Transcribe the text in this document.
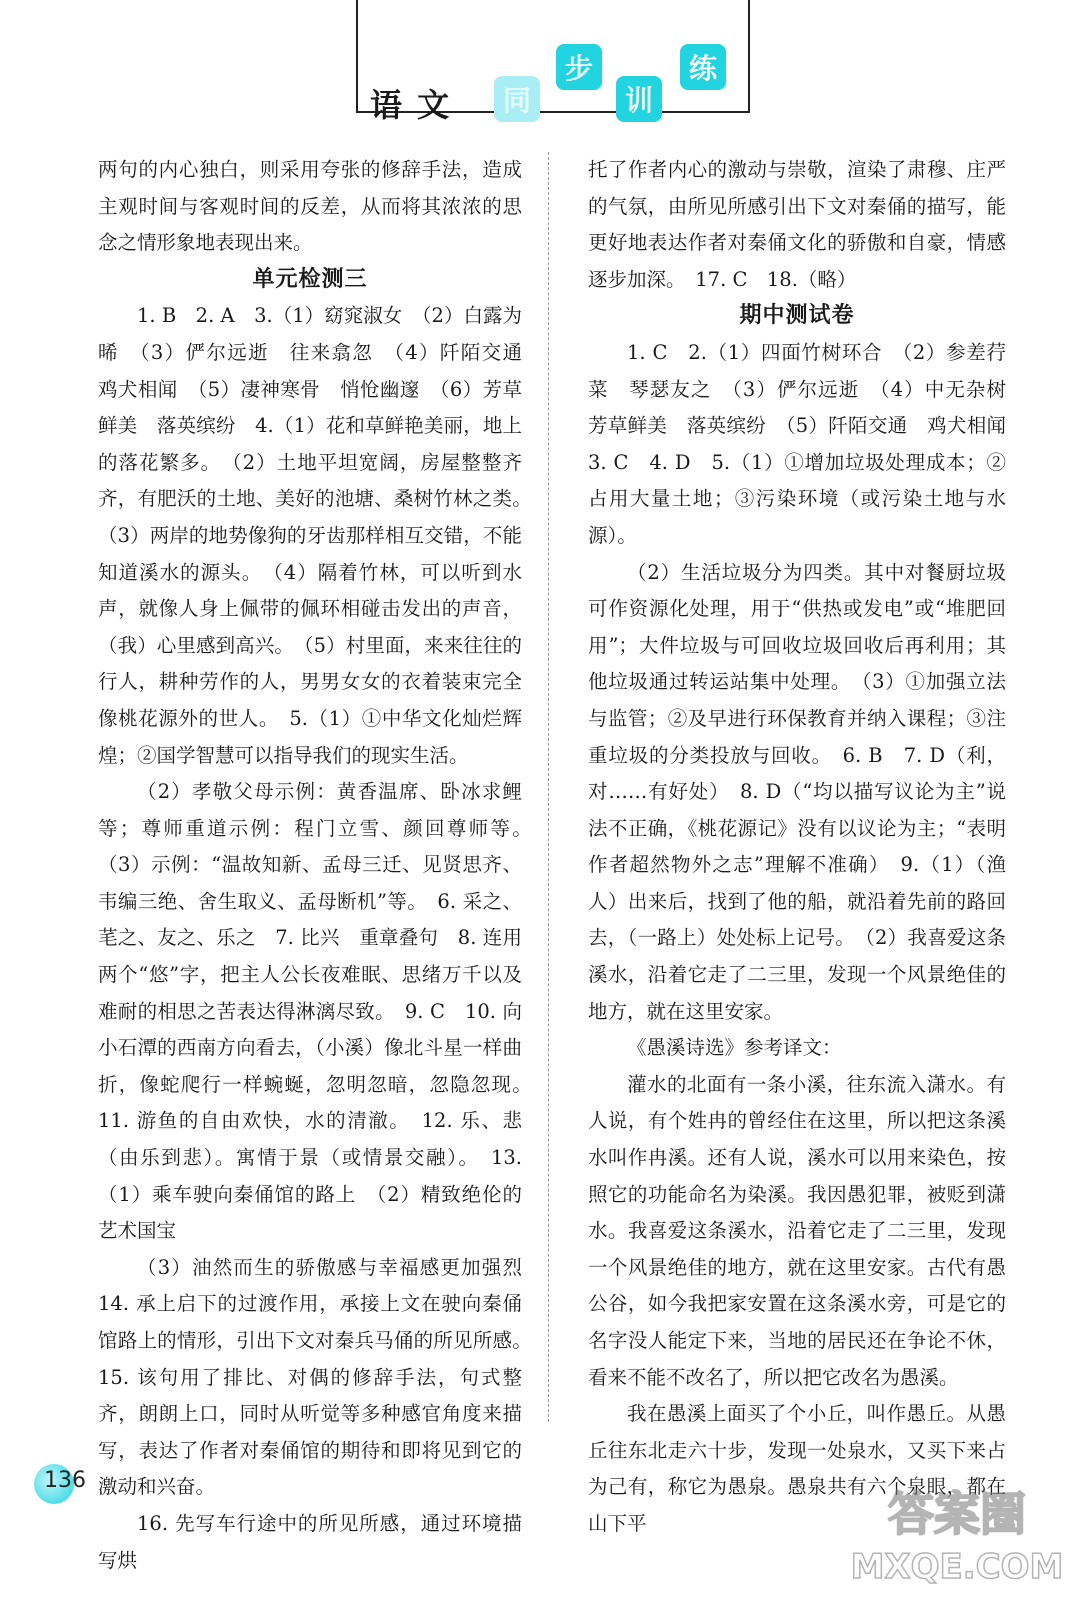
语 文	同
步
训
练

两句的内心独白，则采用夸张的修辞手法，造成主观时间与客观时间的反差，从而将其浓浓的思念之情形象地表现出来。

单元检测三

1. B　2. A　3.（1）窈窕淑女　（2）白露为晞　（3）俨尔远逝　往来翕忽　（4）阡陌交通　鸡犬相闻　（5）凄神寒骨　悄怆幽邃　（6）芳草鲜美　落英缤纷　4.（1）花和草鲜艳美丽，地上的落花繁多。　（2）土地平坦宽阔，房屋整整齐齐，有肥沃的土地、美好的池塘、桑树竹林之类。　（3）两岸的地势像狗的牙齿那样相互交错，不能知道溪水的源头。　（4）隔着竹林，可以听到水声，就像人身上佩带的佩环相碰击发出的声音，（我）心里感到高兴。　（5）村里面，来来往往的行人，耕种劳作的人，男男女女的衣着装束完全像桃花源外的世人。　5.（1）①中华文化灿烂辉煌；②国学智慧可以指导我们的现实生活。

（2）孝敬父母示例：黄香温席、卧冰求鲤等；尊师重道示例：程门立雪、颜回尊师等。　（3）示例：“温故知新、孟母三迁、见贤思齐、韦编三绝、舍生取义、孟母断机”等。　6. 采之、芼之、友之、乐之　7. 比兴　重章叠句　8. 连用两个“悠”字，把主人公长夜难眠、思绪万千以及难耐的相思之苦表达得淋漓尽致。　9. C　10. 向小石潭的西南方向看去，（小溪）像北斗星一样曲折，像蛇爬行一样蜿蜒，忽明忽暗，忽隐忽现。　11. 游鱼的自由欢快，水的清澈。　12. 乐、悲（由乐到悲）。寓情于景（或情景交融）。　13.（1）乘车驶向秦俑馆的路上　（2）精致绝伦的艺术国宝

（3）油然而生的骄傲感与幸福感更加强烈　14. 承上启下的过渡作用，承接上文在驶向秦俑馆路上的情形，引出下文对秦兵马俑的所见所感。　15. 该句用了排比、对偶的修辞手法，句式整齐，朗朗上口，同时从听觉等多种感官角度来描写，表达了作者对秦俑馆的期待和即将见到它的激动和兴奋。

16. 先写车行途中的所见所感，通过环境描写烘

托了作者内心的激动与崇敬，渲染了肃穆、庄严的气氛，由所见所感引出下文对秦俑的描写，能更好地表达作者对秦俑文化的骄傲和自豪，情感逐步加深。　17. C　18.（略）

期中测试卷

1. C　2.（1）四面竹树环合　（2）参差荇菜　琴瑟友之　（3）俨尔远逝　（4）中无杂树　芳草鲜美　落英缤纷　（5）阡陌交通　鸡犬相闻　3. C　4. D　5.（1）①增加垃圾处理成本；②占用大量土地；③污染环境（或污染土地与水源）。

（2）生活垃圾分为四类。其中对餐厨垃圾可作资源化处理，用于“供热或发电”或“堆肥回用”；大件垃圾与可回收垃圾回收后再利用；其他垃圾通过转运站集中处理。　（3）①加强立法与监管；②及早进行环保教育并纳入课程；③注重垃圾的分类投放与回收。　6. B　7. D（利，对……有好处）　8. D（“均以描写议论为主”说法不正确，《桃花源记》没有以议论为主；“表明作者超然物外之志”理解不准确）　9.（1）（渔人）出来后，找到了他的船，就沿着先前的路回去，（一路上）处处标上记号。　（2）我喜爱这条溪水，沿着它走了二三里，发现一个风景绝佳的地方，就在这里安家。

《愚溪诗选》参考译文：

灌水的北面有一条小溪，往东流入潇水。有人说，有个姓冉的曾经住在这里，所以把这条溪水叫作冉溪。还有人说，溪水可以用来染色，按照它的功能命名为染溪。我因愚犯罪，被贬到潇水。我喜爱这条溪水，沿着它走了二三里，发现一个风景绝佳的地方，就在这里安家。古代有愚公谷，如今我把家安置在这条溪水旁，可是它的名字没人能定下来，当地的居民还在争论不休，看来不能不改名了，所以把它改名为愚溪。

我在愚溪上面买了个小丘，叫作愚丘。从愚丘往东北走六十步，发现一处泉水，又买下来占为己有，称它为愚泉。愚泉共有六个泉眼，都在山下平

136
答案圈
MXQE.COM
